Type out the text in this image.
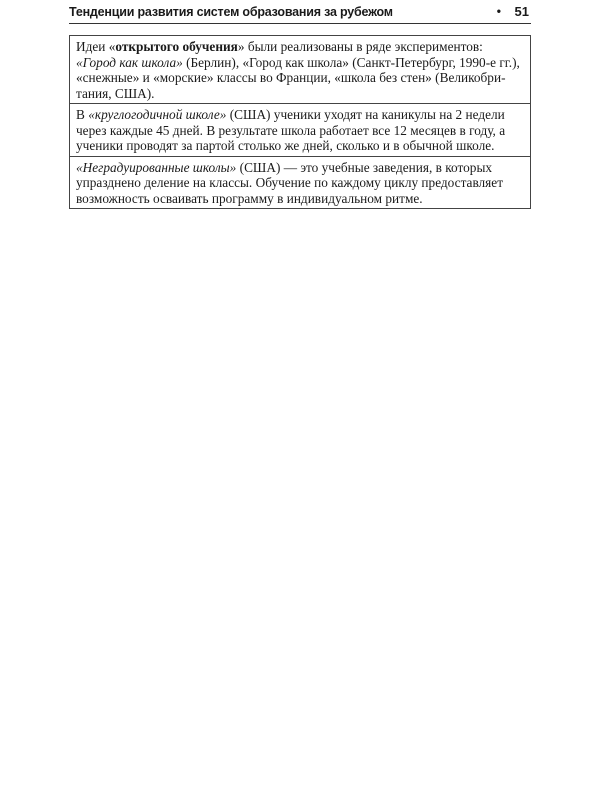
Тенденции развития систем образования за рубежом	• 51

Идеи «открытого обучения» были реализованы в ряде экспериментов: «Город как школа» (Берлин), «Город как школа» (Санкт-Петербург, 1990-е гг.), «снежные» и «морские» классы во Франции, «школа без стен» (Великобри-тания, США).

В «круглогодичной школе» (США) ученики уходят на каникулы на 2 недели через каждые 45 дней. В результате школа работает все 12 месяцев в году, а ученики проводят за партой столько же дней, сколько и в обычной школе.

«Неградуированные школы» (США) — это учебные заведения, в которых упразднено деление на классы. Обучение по каждому циклу предоставляет возможность осваивать программу в индивидуальном ритме.
